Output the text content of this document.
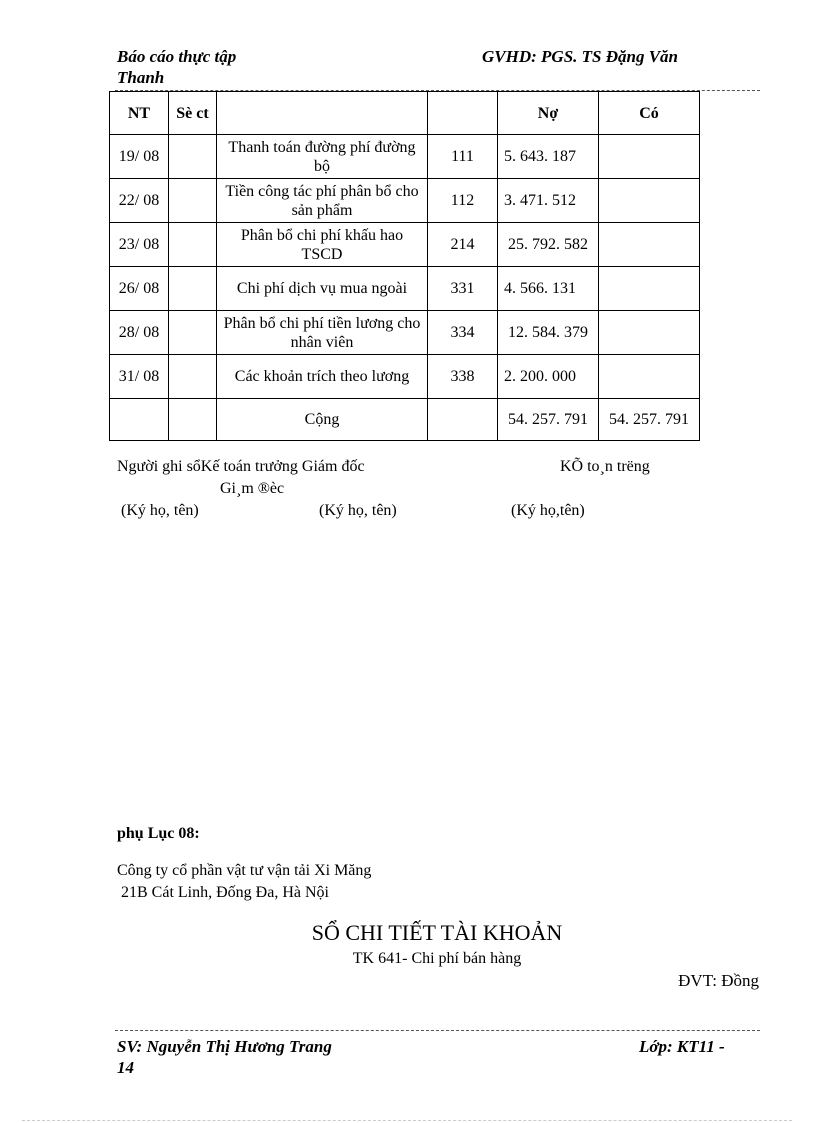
Báo cáo thực tập
Thanh
GVHD: PGS. TS Đặng Văn
NT	Sè ct			Nợ	Có
19/ 08		Thanh toán đường phí đường bộ	111	5. 643. 187	
22/ 08		Tiền công tác phí phân bổ cho sản phẩm	112	3. 471. 512	
23/ 08		Phân bổ chi phí khấu hao TSCD	214	25. 792. 582	
26/ 08		Chi phí dịch vụ mua ngoài	331	4. 566. 131	
28/ 08		Phân bổ chi phí tiền lương cho nhân viên	334	12. 584. 379	
31/ 08		Các khoản trích theo lương	338	2. 200. 000	
		Cộng		54. 257. 791	54. 257. 791
Người ghi sổKế toán trưởng Giám đốc	KÕ to¸n trëng
Gi¸m ®èc
(Ký họ, tên)	(Ký họ, tên)	(Ký họ,tên)
phụ Lục 08:
Công ty cổ phần vật tư vận tải Xi Măng
21B Cát Linh, Đống Đa, Hà Nội
SỔ CHI TIẾT TÀI KHOẢN
TK 641- Chi phí bán hàng
ĐVT: Đồng
SV: Nguyễn Thị Hương Trang
14
Lớp: KT11 -
